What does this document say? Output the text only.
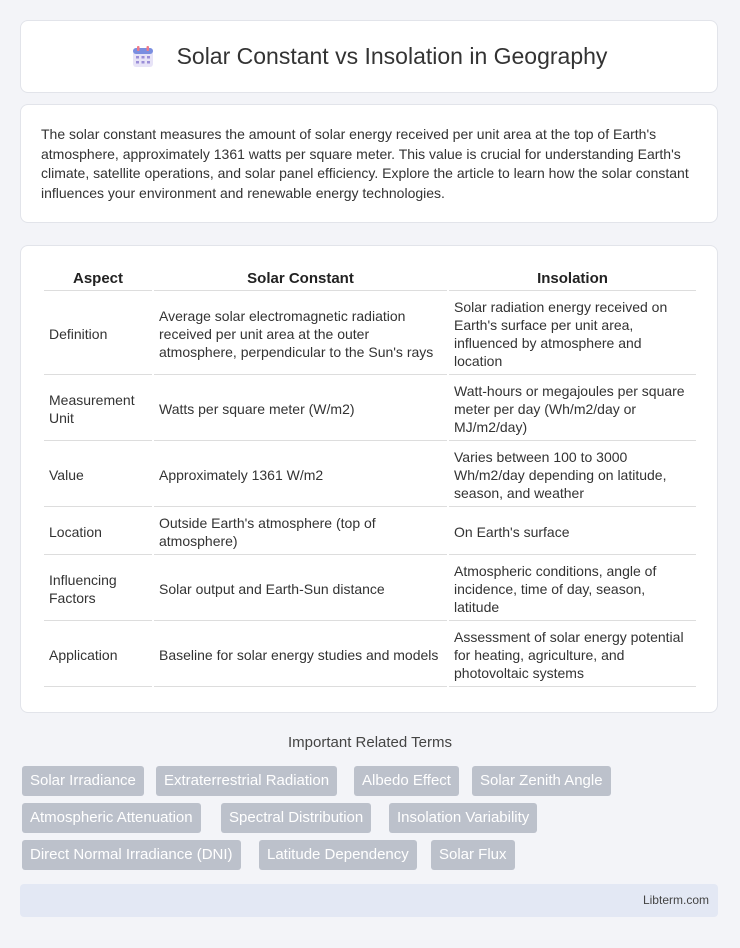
Solar Constant vs Insolation in Geography

The solar constant measures the amount of solar energy received per unit area at the top of Earth's atmosphere, approximately 1361 watts per square meter. This value is crucial for understanding Earth's climate, satellite operations, and solar panel efficiency. Explore the article to learn how the solar constant influences your environment and renewable energy technologies.

Aspect	Solar Constant	Insolation
Definition	Average solar electromagnetic radiation received per unit area at the outer atmosphere, perpendicular to the Sun's rays	Solar radiation energy received on Earth's surface per unit area, influenced by atmosphere and location
Measurement Unit	Watts per square meter (W/m2)	Watt-hours or megajoules per square meter per day (Wh/m2/day or MJ/m2/day)
Value	Approximately 1361 W/m2	Varies between 100 to 3000 Wh/m2/day depending on latitude, season, and weather
Location	Outside Earth's atmosphere (top of atmosphere)	On Earth's surface
Influencing Factors	Solar output and Earth-Sun distance	Atmospheric conditions, angle of incidence, time of day, season, latitude
Application	Baseline for solar energy studies and models	Assessment of solar energy potential for heating, agriculture, and photovoltaic systems
Important Related Terms
Solar Irradiance	Extraterrestrial Radiation	Albedo Effect	Solar Zenith Angle
Atmospheric Attenuation	Spectral Distribution	Insolation Variability
Direct Normal Irradiance (DNI)	Latitude Dependency	Solar Flux
Libterm.com
